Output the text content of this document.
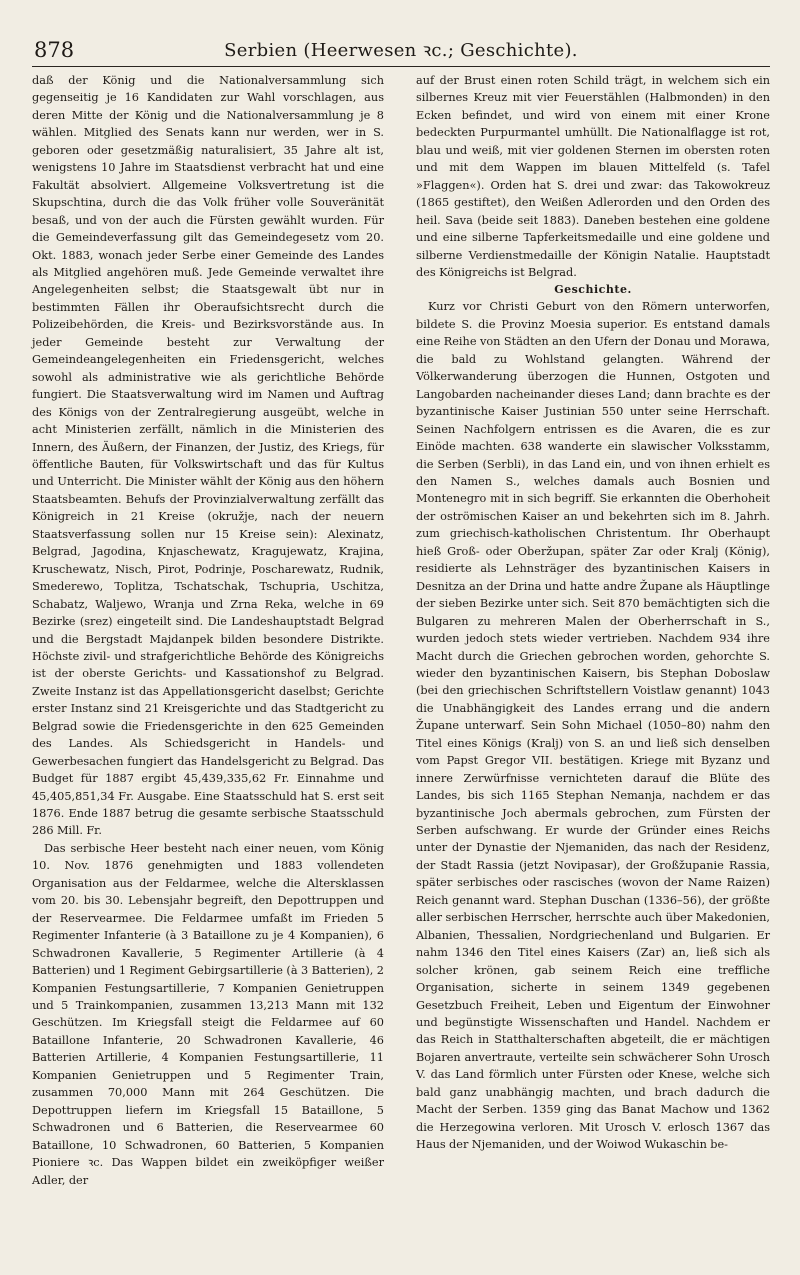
878	Serbien (Heerwesen ꝛc.; Geschichte).

daß der König und die Nationalversammlung sich gegenseitig je 16 Kandidaten zur Wahl vorschlagen, aus deren Mitte der König und die Nationalversammlung je 8 wählen. Mitglied des Senats kann nur werden, wer in S. geboren oder gesetzmäßig naturalisiert, 35 Jahre alt ist, wenigstens 10 Jahre im Staatsdienst verbracht hat und eine Fakultät absolviert. Allgemeine Volksvertretung ist die Skupschtina, durch die das Volk früher volle Souveränität besaß, und von der auch die Fürsten gewählt wurden. Für die Gemeindeverfassung gilt das Gemeindegesetz vom 20. Okt. 1883, wonach jeder Serbe einer Gemeinde des Landes als Mitglied angehören muß. Jede Gemeinde verwaltet ihre Angelegenheiten selbst; die Staatsgewalt übt nur in bestimmten Fällen ihr Oberaufsichtsrecht durch die Polizeibehörden, die Kreis- und Bezirksvorstände aus. In jeder Gemeinde besteht zur Verwaltung der Gemeindeangelegenheiten ein Friedensgericht, welches sowohl als administrative wie als gerichtliche Behörde fungiert. Die Staatsverwaltung wird im Namen und Auftrag des Königs von der Zentralregierung ausgeübt, welche in acht Ministerien zerfällt, nämlich in die Ministerien des Innern, des Äußern, der Finanzen, der Justiz, des Kriegs, für öffentliche Bauten, für Volkswirtschaft und das für Kultus und Unterricht. Die Minister wählt der König aus den höhern Staatsbeamten. Behufs der Provinzialverwaltung zerfällt das Königreich in 21 Kreise (okružje, nach der neuern Staatsverfassung sollen nur 15 Kreise sein): Alexinatz, Belgrad, Jagodina, Knjaschewatz, Kragujewatz, Krajina, Kruschewatz, Nisch, Pirot, Podrinje, Poscharewatz, Rudnik, Smederewo, Toplitza, Tschatschak, Tschupria, Uschitza, Schabatz, Waljewo, Wranja und Zrna Reka, welche in 69 Bezirke (srez) eingeteilt sind. Die Landeshauptstadt Belgrad und die Bergstadt Majdanpek bilden besondere Distrikte. Höchste zivil- und strafgerichtliche Behörde des Königreichs ist der oberste Gerichts- und Kassationshof zu Belgrad. Zweite Instanz ist das Appellationsgericht daselbst; Gerichte erster Instanz sind 21 Kreisgerichte und das Stadtgericht zu Belgrad sowie die Friedensgerichte in den 625 Gemeinden des Landes. Als Schiedsgericht in Handels- und Gewerbesachen fungiert das Handelsgericht zu Belgrad. Das Budget für 1887 ergibt 45,439,335,62 Fr. Einnahme und 45,405,851,34 Fr. Ausgabe. Eine Staatsschuld hat S. erst seit 1876. Ende 1887 betrug die gesamte serbische Staatsschuld 286 Mill. Fr.

Das serbische Heer besteht nach einer neuen, vom König 10. Nov. 1876 genehmigten und 1883 vollendeten Organisation aus der Feldarmee, welche die Altersklassen vom 20. bis 30. Lebensjahr begreift, den Depottruppen und der Reservearmee. Die Feldarmee umfaßt im Frieden 5 Regimenter Infanterie (à 3 Bataillone zu je 4 Kompanien), 6 Schwadronen Kavallerie, 5 Regimenter Artillerie (à 4 Batterien) und 1 Regiment Gebirgsartillerie (à 3 Batterien), 2 Kompanien Festungsartillerie, 7 Kompanien Genietruppen und 5 Trainkompanien, zusammen 13,213 Mann mit 132 Geschützen. Im Kriegsfall steigt die Feldarmee auf 60 Bataillone Infanterie, 20 Schwadronen Kavallerie, 46 Batterien Artillerie, 4 Kompanien Festungsartillerie, 11 Kompanien Genietruppen und 5 Regimenter Train, zusammen 70,000 Mann mit 264 Geschützen. Die Depottruppen liefern im Kriegsfall 15 Bataillone, 5 Schwadronen und 6 Batterien, die Reservearmee 60 Bataillone, 10 Schwadronen, 60 Batterien, 5 Kompanien Pioniere ꝛc. Das Wappen bildet ein zweiköpfiger weißer Adler, der

auf der Brust einen roten Schild trägt, in welchem sich ein silbernes Kreuz mit vier Feuerstählen (Halbmonden) in den Ecken befindet, und wird von einem mit einer Krone bedeckten Purpurmantel umhüllt. Die Nationalflagge ist rot, blau und weiß, mit vier goldenen Sternen im obersten roten und mit dem Wappen im blauen Mittelfeld (s. Tafel »Flaggen«). Orden hat S. drei und zwar: das Takowokreuz (1865 gestiftet), den Weißen Adlerorden und den Orden des heil. Sava (beide seit 1883). Daneben bestehen eine goldene und eine silberne Tapferkeitsmedaille und eine goldene und silberne Verdienstmedaille der Königin Natalie. Hauptstadt des Königreichs ist Belgrad.

Geschichte.

Kurz vor Christi Geburt von den Römern unterworfen, bildete S. die Provinz Moesia superior. Es entstand damals eine Reihe von Städten an den Ufern der Donau und Morawa, die bald zu Wohlstand gelangten. Während der Völkerwanderung überzogen die Hunnen, Ostgoten und Langobarden nacheinander dieses Land; dann brachte es der byzantinische Kaiser Justinian 550 unter seine Herrschaft. Seinen Nachfolgern entrissen es die Avaren, die es zur Einöde machten. 638 wanderte ein slawischer Volksstamm, die Serben (Serbli), in das Land ein, und von ihnen erhielt es den Namen S., welches damals auch Bosnien und Montenegro mit in sich begriff. Sie erkannten die Oberhoheit der oströmischen Kaiser an und bekehrten sich im 8. Jahrh. zum griechisch-katholischen Christentum. Ihr Oberhaupt hieß Groß- oder Oberžupan, später Zar oder Kralj (König), residierte als Lehnsträger des byzantinischen Kaisers in Desnitza an der Drina und hatte andre Župane als Häuptlinge der sieben Bezirke unter sich. Seit 870 bemächtigten sich die Bulgaren zu mehreren Malen der Oberherrschaft in S., wurden jedoch stets wieder vertrieben. Nachdem 934 ihre Macht durch die Griechen gebrochen worden, gehorchte S. wieder den byzantinischen Kaisern, bis Stephan Doboslaw (bei den griechischen Schriftstellern Voistlaw genannt) 1043 die Unabhängigkeit des Landes errang und die andern Župane unterwarf. Sein Sohn Michael (1050–80) nahm den Titel eines Königs (Kralj) von S. an und ließ sich denselben vom Papst Gregor VII. bestätigen. Kriege mit Byzanz und innere Zerwürfnisse vernichteten darauf die Blüte des Landes, bis sich 1165 Stephan Nemanja, nachdem er das byzantinische Joch abermals gebrochen, zum Fürsten der Serben aufschwang. Er wurde der Gründer eines Reichs unter der Dynastie der Njemaniden, das nach der Residenz, der Stadt Rassia (jetzt Novipasar), der Großžupanie Rassia, später serbisches oder rascisches (wovon der Name Raizen) Reich genannt ward. Stephan Duschan (1336–56), der größte aller serbischen Herrscher, herrschte auch über Makedonien, Albanien, Thessalien, Nordgriechenland und Bulgarien. Er nahm 1346 den Titel eines Kaisers (Zar) an, ließ sich als solcher krönen, gab seinem Reich eine treffliche Organisation, sicherte in seinem 1349 gegebenen Gesetzbuch Freiheit, Leben und Eigentum der Einwohner und begünstigte Wissenschaften und Handel. Nachdem er das Reich in Statthalterschaften abgeteilt, die er mächtigen Bojaren anvertraute, verteilte sein schwächerer Sohn Urosch V. das Land förmlich unter Fürsten oder Knese, welche sich bald ganz unabhängig machten, und brach dadurch die Macht der Serben. 1359 ging das Banat Machow und 1362 die Herzegowina verloren. Mit Urosch V. erlosch 1367 das Haus der Njemaniden, und der Woiwod Wukaschin be-
